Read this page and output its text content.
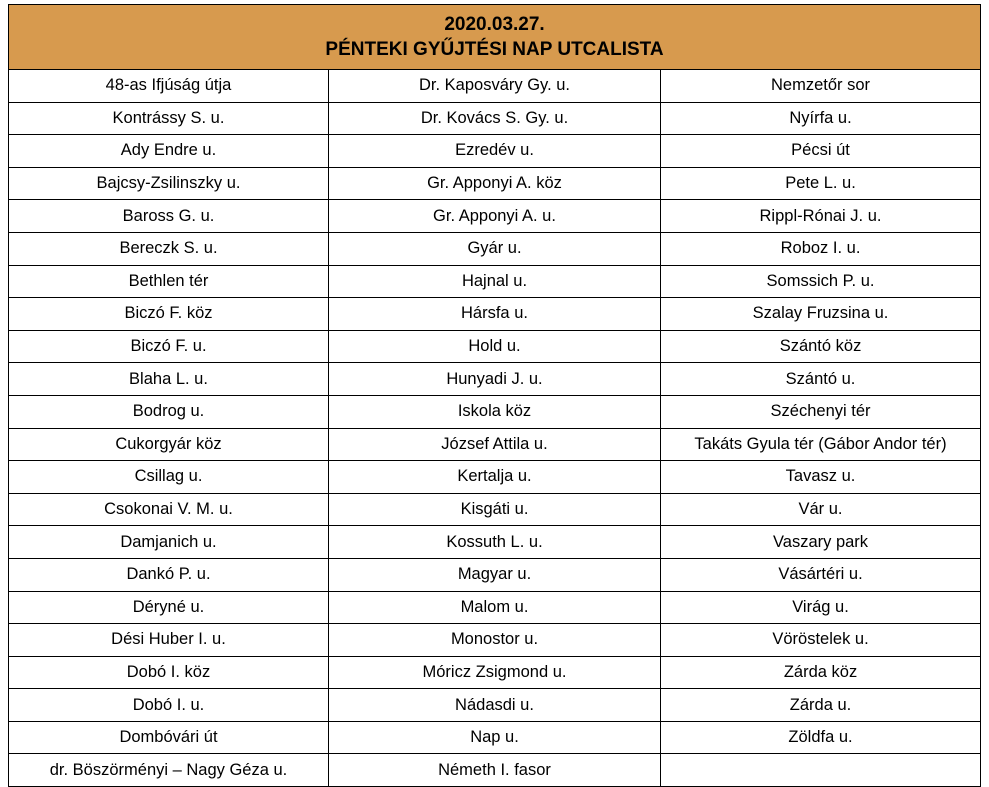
2020.03.27.
PÉNTEKI GYŰJTÉSI NAP UTCALISTA		

48-as Ifjúság útja	Dr. Kaposváry Gy. u.	Nemzetőr sor
Kontrássy S. u.	Dr. Kovács S. Gy. u.	Nyírfa u.
Ady Endre u.	Ezredév u.	Pécsi út
Bajcsy-Zsilinszky u.	Gr. Apponyi A. köz	Pete L. u.
Baross G. u.	Gr. Apponyi A. u.	Rippl-Rónai J. u.
Bereczk S. u.	Gyár u.	Roboz I. u.
Bethlen tér	Hajnal u.	Somssich P. u.
Biczó F. köz	Hársfa u.	Szalay Fruzsina u.
Biczó F. u.	Hold u.	Szántó köz
Blaha L. u.	Hunyadi J. u.	Szántó u.
Bodrog u.	Iskola köz	Széchenyi tér
Cukorgyár köz	József Attila u.	Takáts Gyula tér (Gábor Andor tér)
Csillag u.	Kertalja u.	Tavasz u.
Csokonai V. M. u.	Kisgáti u.	Vár u.
Damjanich u.	Kossuth L. u.	Vaszary park
Dankó P. u.	Magyar u.	Vásártéri u.
Déryné u.	Malom u.	Virág u.
Dési Huber I. u.	Monostor u.	Vöröstelek u.
Dobó I. köz	Móricz Zsigmond u.	Zárda köz
Dobó I. u.	Nádasdi u.	Zárda u.
Dombóvári út	Nap u.	Zöldfa u.
dr. Böszörményi – Nagy Géza u.	Németh I. fasor	
